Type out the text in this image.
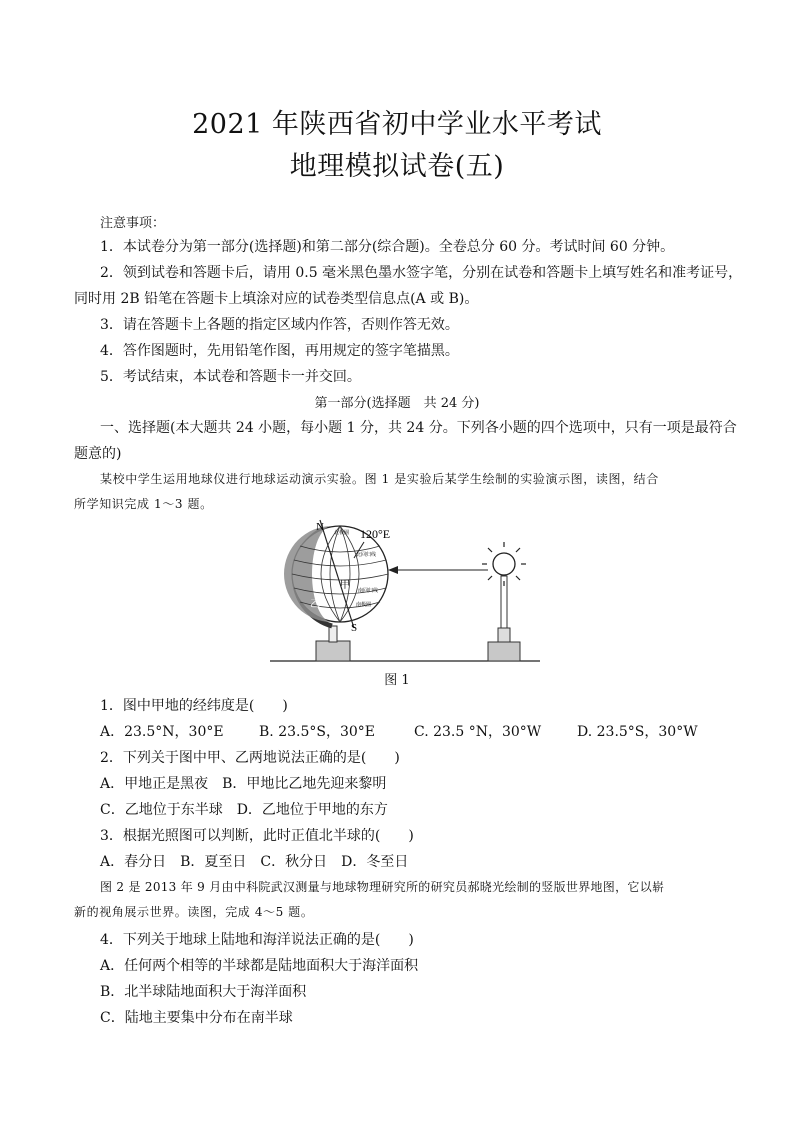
2021 年陕西省初中学业水平考试
地理模拟试卷(五)
注意事项：
1．本试卷分为第一部分(选择题)和第二部分(综合题)。全卷总分 60 分。考试时间 60 分钟。
2．领到试卷和答题卡后，请用 0.5 毫米黑色墨水签字笔，分别在试卷和答题卡上填写姓名和准考证号，
同时用 2B 铅笔在答题卡上填涂对应的试卷类型信息点(A 或 B)。
3．请在答题卡上各题的指定区域内作答，否则作答无效。
4．答作图题时，先用铅笔作图，再用规定的签字笔描黑。
5．考试结束，本试卷和答题卡一并交回。
第一部分(选择题　共 24 分)
一、选择题(本大题共 24 小题，每小题 1 分，共 24 分。下列各小题的四个选项中，只有一项是最符合
题意的)
某校中学生运用地球仪进行地球运动演示实验。图 1 是实验后某学生绘制的实验演示图，读图，结合
所学知识完成 1～3 题。
N
S
120°E
甲
乙
北极圈
南极圈
北回归线
南回归线
图 1
1．图中甲地的经纬度是(　　)
A．23.5°N，30°E	B. 23.5°S，30°E	C. 23.5 °N，30°W	D. 23.5°S，30°W
2．下列关于图中甲、乙两地说法正确的是(　　)
A．甲地正是黑夜　B．甲地比乙地先迎来黎明
C．乙地位于东半球　D．乙地位于甲地的东方
3．根据光照图可以判断，此时正值北半球的(　　)
A．春分日　B．夏至日　C．秋分日　D．冬至日
图 2 是 2013 年 9 月由中科院武汉测量与地球物理研究所的研究员郝晓光绘制的竖版世界地图，它以崭
新的视角展示世界。读图，完成 4～5 题。
4．下列关于地球上陆地和海洋说法正确的是(　　)
A．任何两个相等的半球都是陆地面积大于海洋面积
B．北半球陆地面积大于海洋面积
C．陆地主要集中分布在南半球
